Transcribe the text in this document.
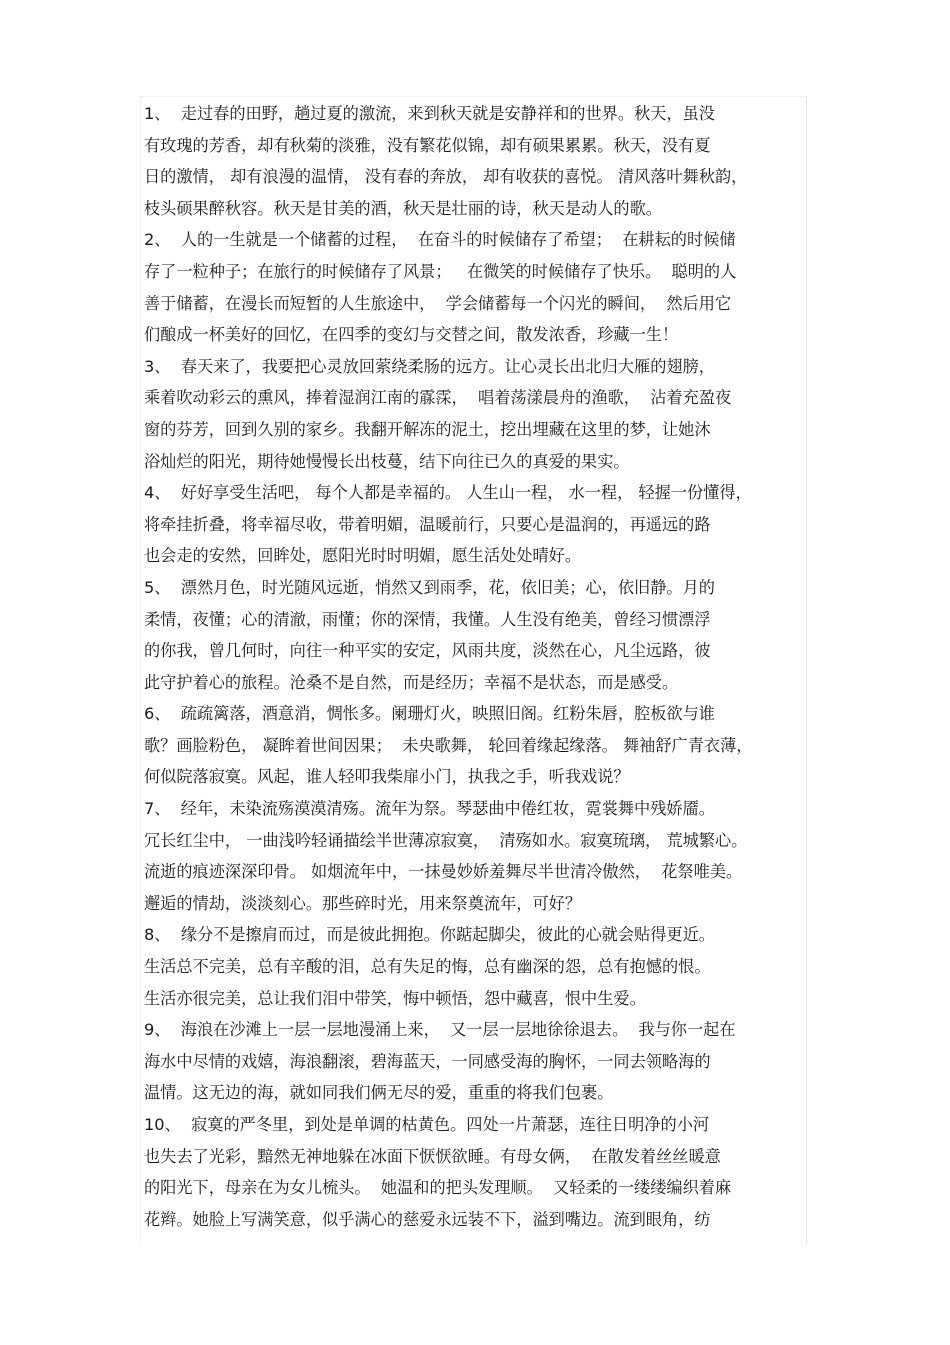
1、  走过春的田野，趟过夏的激流，来到秋天就是安静祥和的世界。秋天，虽没
有玫瑰的芳香，却有秋菊的淡雅，没有繁花似锦，却有硕果累累。秋天，没有夏
日的激情， 却有浪漫的温情， 没有春的奔放， 却有收获的喜悦。 清风落叶舞秋韵，
枝头硕果醉秋容。秋天是甘美的酒，秋天是壮丽的诗，秋天是动人的歌。
2、  人的一生就是一个储蓄的过程，  在奋斗的时候储存了希望；  在耕耘的时候储
存了一粒种子；在旅行的时候储存了风景；   在微笑的时候储存了快乐。  聪明的人
善于储蓄，在漫长而短暂的人生旅途中，  学会储蓄每一个闪光的瞬间，  然后用它
们酿成一杯美好的回忆，在四季的变幻与交替之间，散发浓香，珍藏一生！
3、  春天来了，我要把心灵放回萦绕柔肠的远方。让心灵长出北归大雁的翅膀，
乘着吹动彩云的熏风，捧着湿润江南的霡霂，  唱着荡漾晨舟的渔歌，  沾着充盈夜
窗的芬芳，回到久别的家乡。我翻开解冻的泥土，挖出埋藏在这里的梦，让她沐
浴灿烂的阳光，期待她慢慢长出枝蔓，结下向往已久的真爱的果实。
4、  好好享受生活吧， 每个人都是幸福的。 人生山一程， 水一程， 轻握一份懂得，
将牵挂折叠，将幸福尽收，带着明媚，温暖前行，只要心是温润的，再遥远的路
也会走的安然，回眸处，愿阳光时时明媚，愿生活处处晴好。
5、  漂然月色，时光随风远逝，悄然又到雨季，花，依旧美；心，依旧静。月的
柔情，夜懂；心的清澈，雨懂；你的深情，我懂。人生没有绝美，曾经习惯漂浮
的你我，曾几何时，向往一种平实的安定，风雨共度，淡然在心，凡尘远路，彼
此守护着心的旅程。沧桑不是自然，而是经历；幸福不是状态，而是感受。
6、  疏疏篱落，酒意消，惆怅多。阑珊灯火，映照旧阁。红粉朱唇，腔板欲与谁
歌？画脸粉色， 凝眸着世间因果；  未央歌舞， 轮回着缘起缘落。 舞袖舒广青衣薄，
何似院落寂寞。风起，谁人轻叩我柴扉小门，执我之手，听我戏说？
7、  经年，未染流殇漠漠清殇。流年为祭。琴瑟曲中倦红妆，霓裳舞中残娇靥。
冗长红尘中， 一曲浅吟轻诵描绘半世薄凉寂寞，  清殇如水。寂寞琉璃， 荒城繁心。
流逝的痕迹深深印骨。 如烟流年中，一抹曼妙娇羞舞尽半世清冷傲然，  花祭唯美。
邂逅的情劫，淡淡刻心。那些碎时光，用来祭奠流年，可好？
8、  缘分不是擦肩而过，而是彼此拥抱。你踮起脚尖，彼此的心就会贴得更近。
生活总不完美，总有辛酸的泪，总有失足的悔，总有幽深的怨，总有抱憾的恨。
生活亦很完美，总让我们泪中带笑，悔中顿悟，怨中藏喜，恨中生爱。
9、  海浪在沙滩上一层一层地漫涌上来，  又一层一层地徐徐退去。  我与你一起在
海水中尽情的戏嬉，海浪翻滚，碧海蓝天，一同感受海的胸怀，一同去领略海的
温情。这无边的海，就如同我们俩无尽的爱，重重的将我们包裹。
10、  寂寞的严冬里，到处是单调的枯黄色。四处一片萧瑟，连往日明净的小河
也失去了光彩，黯然无神地躲在冰面下恹恹欲睡。有母女俩，  在散发着丝丝暖意
的阳光下，母亲在为女儿梳头。  她温和的把头发理顺。  又轻柔的一缕缕编织着麻
花辫。她脸上写满笑意，似乎满心的慈爱永远装不下，溢到嘴边。流到眼角，纺
